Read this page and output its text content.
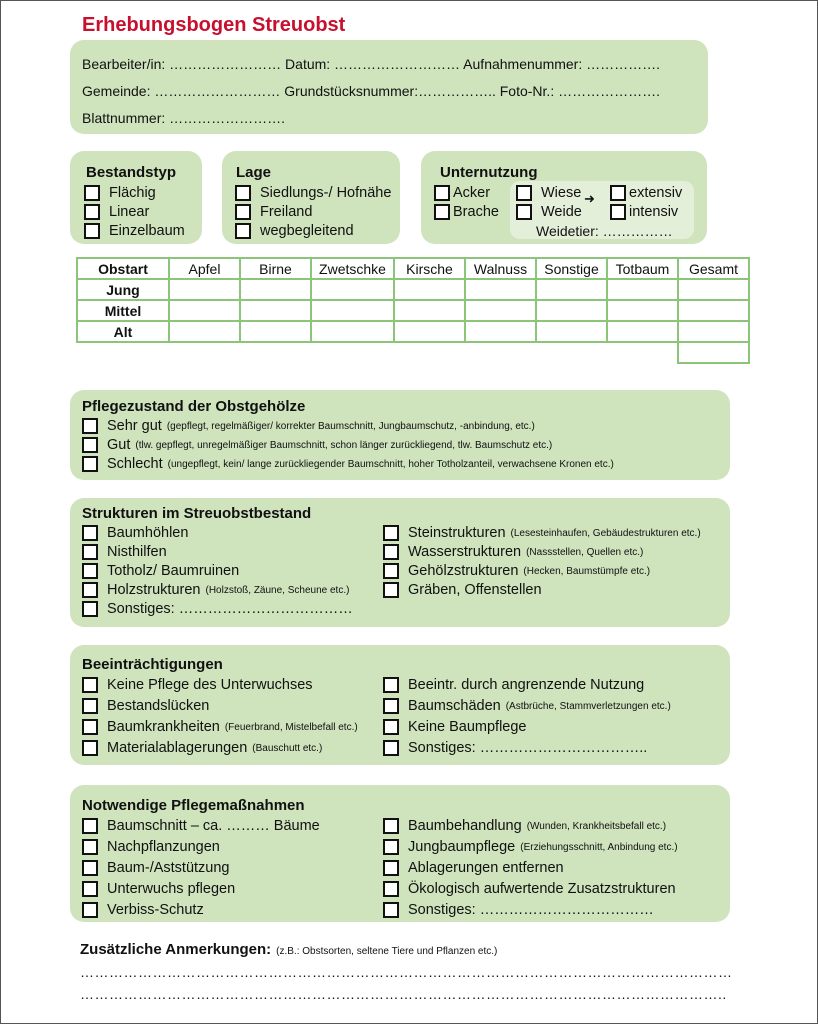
Erhebungsbogen Streuobst
Bearbeiter/in: …………………… Datum: ……………………… Aufnahmenummer: …………….
Gemeinde: ……………………… Grundstücksnummer:…………….. Foto-Nr.: ………………….
Blattnummer: …………………….
Bestandstyp
Flächig
Linear
Einzelbaum
Lage
Siedlungs-/ Hofnähe
Freiland
wegbegleitend
Unternutzung
Acker
Brache
Wiese
Weide
➜ extensiv
intensiv
Weidetier: ……………
Obstart	Apfel	Birne	Zwetschke	Kirsche	Walnuss	Sonstige	Totbaum	Gesamt
Jung								
Mittel								
Alt								

Pflegezustand der Obstgehölze
Sehr gut (gepflegt, regelmäßiger/ korrekter Baumschnitt, Jungbaumschutz, -anbindung, etc.)
Gut (tlw. gepflegt, unregelmäßiger Baumschnitt, schon länger zurückliegend, tlw. Baumschutz etc.)
Schlecht (ungepflegt, kein/ lange zurückliegender Baumschnitt, hoher Totholzanteil, verwachsene Kronen etc.)
Strukturen im Streuobstbestand
Baumhöhlen
Nisthilfen
Totholz/ Baumruinen
Holzstrukturen (Holzstoß, Zäune, Scheune etc.)
Sonstiges: ………………………………
Steinstrukturen (Lesesteinhaufen, Gebäudestrukturen etc.)
Wasserstrukturen (Nassstellen, Quellen etc.)
Gehölzstrukturen (Hecken, Baumstümpfe etc.)
Gräben, Offenstellen
Beeinträchtigungen
Keine Pflege des Unterwuchses
Bestandslücken
Baumkrankheiten (Feuerbrand, Mistelbefall etc.)
Materialablagerungen (Bauschutt etc.)
Beeintr. durch angrenzende Nutzung
Baumschäden (Astbrüche, Stammverletzungen etc.)
Keine Baumpflege
Sonstiges: ……………………………..
Notwendige Pflegemaßnahmen
Baumschnitt – ca. ……… Bäume
Nachpflanzungen
Baum-/Aststützung
Unterwuchs pflegen
Verbiss-Schutz
Baumbehandlung (Wunden, Krankheitsbefall etc.)
Jungbaumpflege (Erziehungsschnitt, Anbindung etc.)
Ablagerungen entfernen
Ökologisch aufwertende Zusatzstrukturen
Sonstiges: ………………………………
Zusätzliche Anmerkungen: (z.B.: Obstsorten, seltene Tiere und Pflanzen etc.)
………………………………………………………………………………………………………………………
……………………………………………………………………………………………………………………..
